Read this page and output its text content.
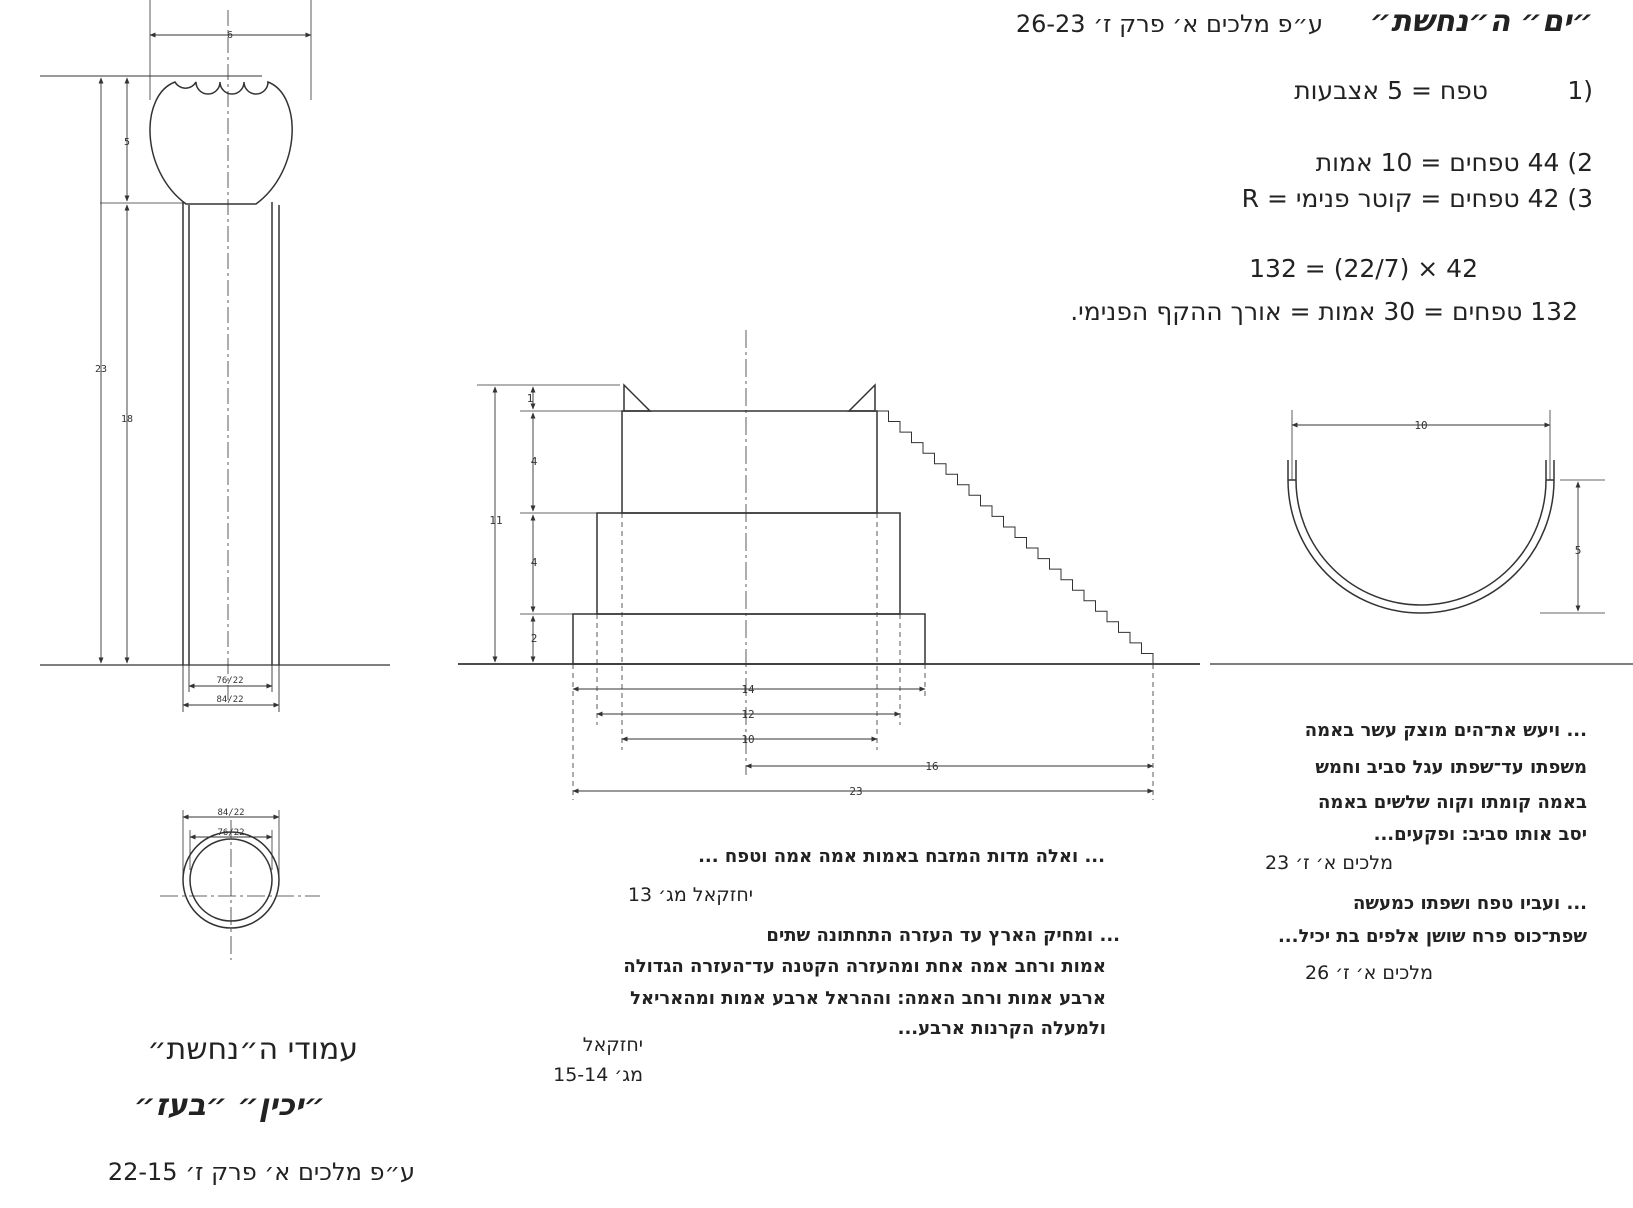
6
5
23
18
76/22
84/22
84/22
76/22
1
4
4
2
11
14
12
10
16
23
10
5
״ים״ ה״נחשת״
ע״פ מלכים א׳ פרק ז׳ 26-23
1)
טפח = 5 אצבעות
2) 44 טפחים = 10 אמות
3) 42 טפחים = קוטר פנימי = R
132 = (22/7) × 42
132 טפחים = 30 אמות = אורך ההקף הפנימי.
... ויעש את־הים מוצק עשר באמה
משפתו עד־שפתו עגל סביב וחמש
באמה קומתו וקוה שלשים באמה
יסב אותו סביב: ופקעים...
מלכים א׳ ז׳ 23
... ועביו טפח ושפתו כמעשה
שפת־כוס פרח שושן אלפים בת יכיל...
מלכים א׳ ז׳ 26
... ואלה מדות המזבח באמות אמה אמה וטפח ...
יחזקאל מג׳ 13
... ומחיק הארץ עד העזרה התחתונה שתים
אמות ורחב אמה אחת ומהעזרה הקטנה עד־העזרה הגדולה
ארבע אמות ורחב האמה: וההראל ארבע אמות ומהאריאל
ולמעלה הקרנות ארבע...
יחזקאל
מג׳ 15-14
עמודי ה״נחשת״
״יכין״ ״בעז״
ע״פ מלכים א׳ פרק ז׳ 22-15
